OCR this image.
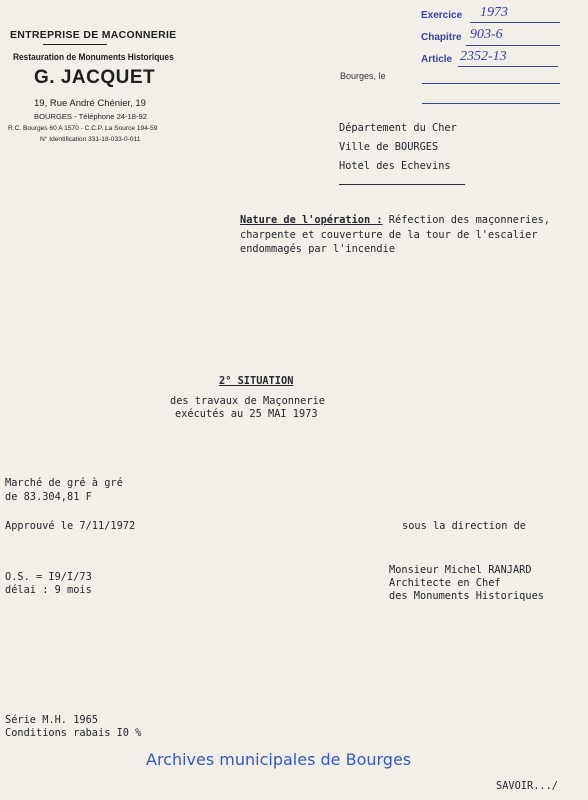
ENTREPRISE DE MACONNERIE
Restauration de Monuments Historiques
G. JACQUET
19, Rue André Chénier, 19
BOURGES - Téléphone 24-18-92
R.C. Bourges 60 A 1570 - C.C.P. La Source 194-59
N° Identification 331-18-033-0-011
Exercice 1973
Chapitre 903-6
Article 2352-13
Bourges, le
Département du Cher
Ville de BOURGES
Hotel des Echevins
Nature de l'opération : Réfection des maçonneries,
charpente et couverture de la tour de l'escalier
endommagés par l'incendie
2° SITUATION
des travaux de Maçonnerie
exécutés au 25 MAI 1973
Marché de gré à gré
de 83.304,81 F
Approuvé le 7/11/1972	sous la direction de
Monsieur Michel RANJARD
Architecte en Chef
des Monuments Historiques
O.S. = I9/I/73
délai : 9 mois
Série M.H. 1965
Conditions rabais I0 %
Archives municipales de Bourges
SAVOIR.../
